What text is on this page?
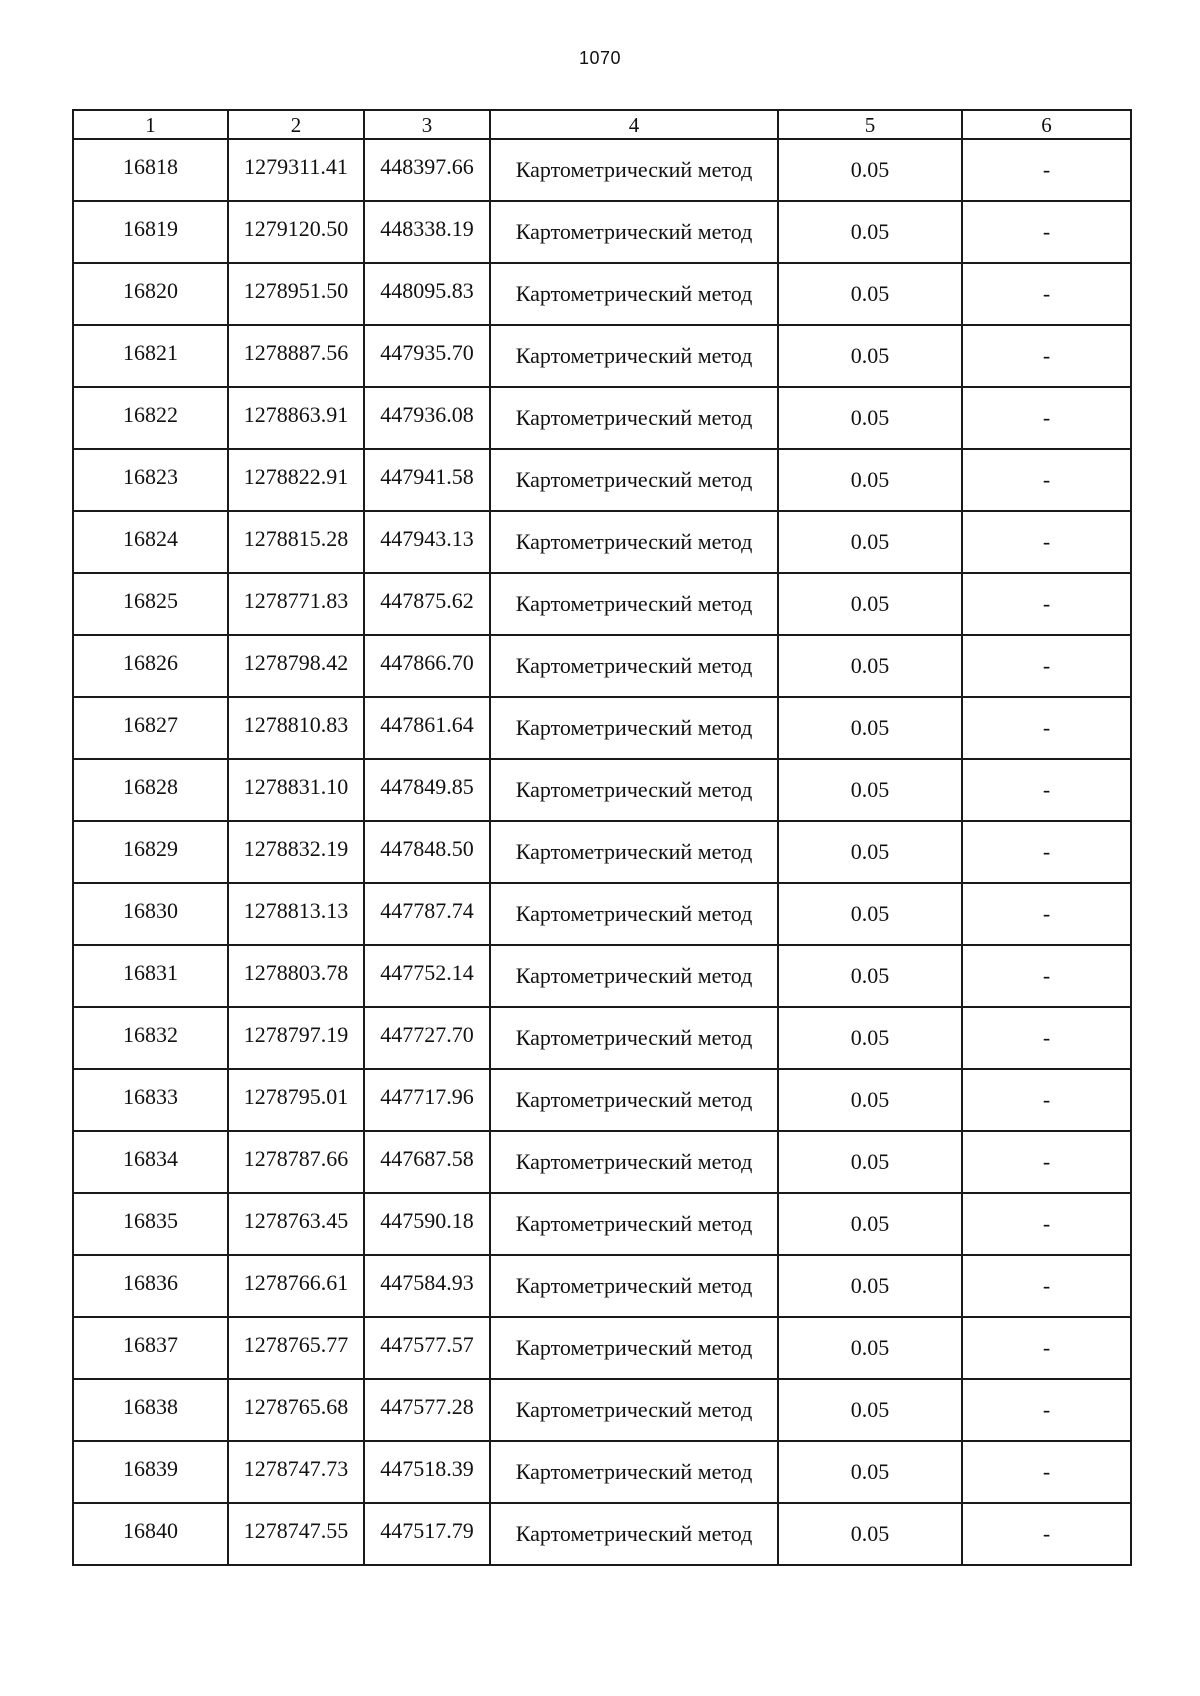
1070
1	2	3	4	5	6
16818	1279311.41	448397.66	Картометрический метод	0.05	-
16819	1279120.50	448338.19	Картометрический метод	0.05	-
16820	1278951.50	448095.83	Картометрический метод	0.05	-
16821	1278887.56	447935.70	Картометрический метод	0.05	-
16822	1278863.91	447936.08	Картометрический метод	0.05	-
16823	1278822.91	447941.58	Картометрический метод	0.05	-
16824	1278815.28	447943.13	Картометрический метод	0.05	-
16825	1278771.83	447875.62	Картометрический метод	0.05	-
16826	1278798.42	447866.70	Картометрический метод	0.05	-
16827	1278810.83	447861.64	Картометрический метод	0.05	-
16828	1278831.10	447849.85	Картометрический метод	0.05	-
16829	1278832.19	447848.50	Картометрический метод	0.05	-
16830	1278813.13	447787.74	Картометрический метод	0.05	-
16831	1278803.78	447752.14	Картометрический метод	0.05	-
16832	1278797.19	447727.70	Картометрический метод	0.05	-
16833	1278795.01	447717.96	Картометрический метод	0.05	-
16834	1278787.66	447687.58	Картометрический метод	0.05	-
16835	1278763.45	447590.18	Картометрический метод	0.05	-
16836	1278766.61	447584.93	Картометрический метод	0.05	-
16837	1278765.77	447577.57	Картометрический метод	0.05	-
16838	1278765.68	447577.28	Картометрический метод	0.05	-
16839	1278747.73	447518.39	Картометрический метод	0.05	-
16840	1278747.55	447517.79	Картометрический метод	0.05	-
